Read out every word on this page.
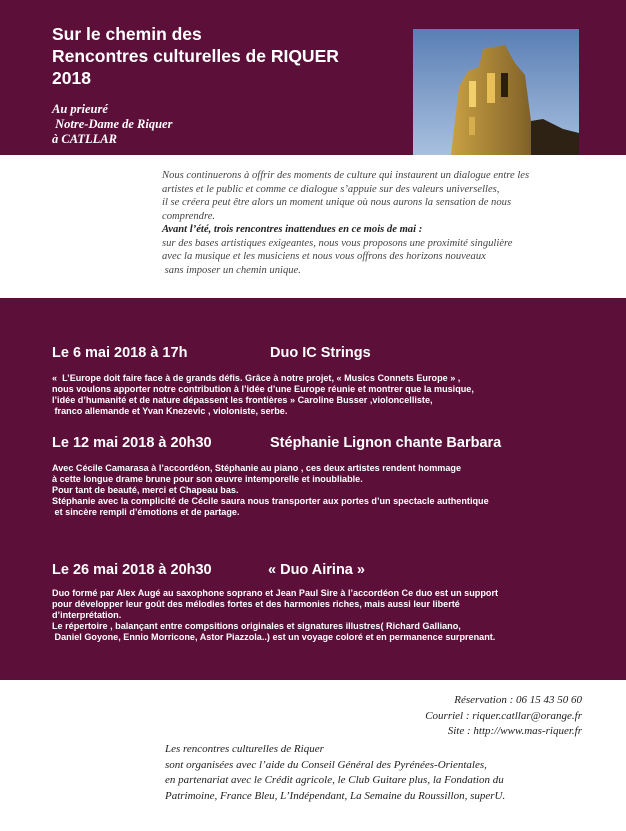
Sur le chemin des
Rencontres culturelles de RIQUER
2018
Au prieuré
Notre-Dame de Riquer
à CATLLAR
Nous continuerons à offrir des moments de culture qui instaurent un dialogue entre les
artistes et le public et comme ce dialogue s’appuie sur des valeurs universelles,
il se créera peut être alors un moment unique où nous aurons la sensation de nous
comprendre.
Avant l’été, trois rencontres inattendues en ce mois de mai :
sur des bases artistiques exigeantes, nous vous proposons une proximité singulière
avec la musique et les musiciens et nous vous offrons des horizons nouveaux
sans imposer un chemin unique.
Le 6 mai 2018 à 17h	Duo IC Strings
«  L’Europe doit faire face à de grands défis. Grâce à notre projet, « Musics Connets Europe » ,
nous voulons apporter notre contribution à l’idée d’une Europe réunie et montrer que la musique,
l’idée d’humanité et de nature dépassent les frontières » Caroline Busser ,violoncelliste,
franco allemande et Yvan Knezevic , violoniste, serbe.
Le 12 mai 2018 à 20h30	Stéphanie Lignon chante Barbara
Avec Cécile Camarasa à l’accordéon, Stéphanie au piano , ces deux artistes rendent hommage
à cette longue drame brune pour son œuvre intemporelle et inoubliable.
Pour tant de beauté, merci et Chapeau bas.
Stéphanie avec la complicité de Cécile saura nous transporter aux portes d’un spectacle authentique
et sincère rempli d’émotions et de partage.
Le 26 mai 2018 à 20h30	« Duo Airina »
Duo formé par Alex Augé au saxophone soprano et Jean Paul Sire à l’accordéon Ce duo est un support
pour développer leur goût des mélodies fortes et des harmonies riches, mais aussi leur liberté
d’interprétation.
Le répertoire , balançant entre compsitions originales et signatures illustres( Richard Galliano,
Daniel Goyone, Ennio Morricone, Astor Piazzola..) est un voyage coloré et en permanence surprenant.
Réservation : 06 15 43 50 60
Courriel : riquer.catllar@orange.fr
Site : http://www.mas-riquer.fr
Les rencontres culturelles de Riquer
sont organisées avec l’aide du Conseil Général des Pyrénées-Orientales,
en partenariat avec le Crédit agricole, le Club Guitare plus, la Fondation du
Patrimoine, France Bleu, L’Indépendant, La Semaine du Roussillon, superU.
